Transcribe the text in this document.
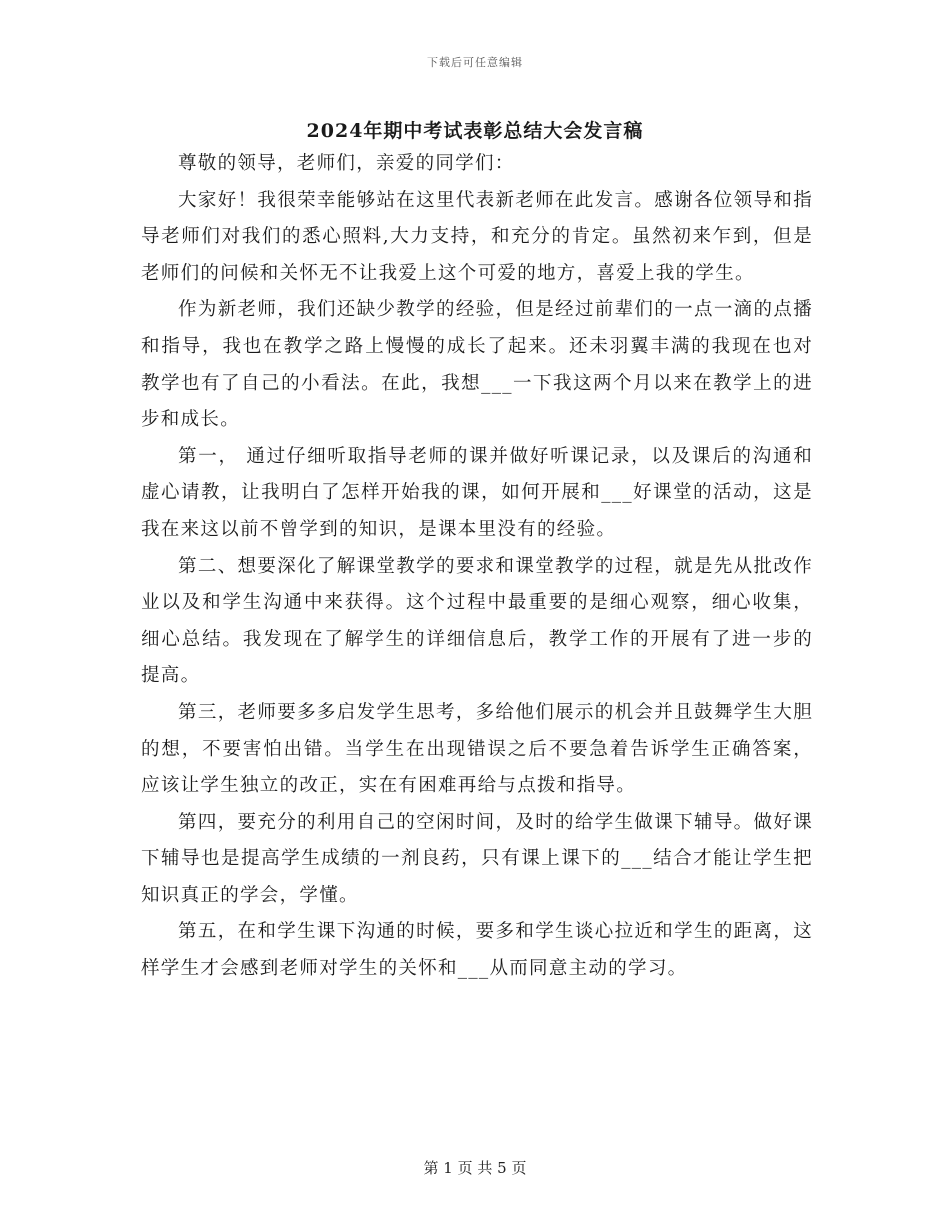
下载后可任意编辑
2024年期中考试表彰总结大会发言稿

尊敬的领导，老师们，亲爱的同学们：

大家好！我很荣幸能够站在这里代表新老师在此发言。感谢各位领导和指导老师们对我们的悉心照料,大力支持，和充分的肯定。虽然初来乍到，但是老师们的问候和关怀无不让我爱上这个可爱的地方，喜爱上我的学生。

作为新老师，我们还缺少教学的经验，但是经过前辈们的一点一滴的点播和指导，我也在教学之路上慢慢的成长了起来。还未羽翼丰满的我现在也对教学也有了自己的小看法。在此，我想___一下我这两个月以来在教学上的进步和成长。

第一， 通过仔细听取指导老师的课并做好听课记录，以及课后的沟通和虚心请教，让我明白了怎样开始我的课，如何开展和___好课堂的活动，这是我在来这以前不曾学到的知识，是课本里没有的经验。

第二、想要深化了解课堂教学的要求和课堂教学的过程，就是先从批改作业以及和学生沟通中来获得。这个过程中最重要的是细心观察，细心收集，细心总结。我发现在了解学生的详细信息后，教学工作的开展有了进一步的提高。

第三，老师要多多启发学生思考，多给他们展示的机会并且鼓舞学生大胆的想，不要害怕出错。当学生在出现错误之后不要急着告诉学生正确答案，应该让学生独立的改正，实在有困难再给与点拨和指导。

第四，要充分的利用自己的空闲时间，及时的给学生做课下辅导。做好课下辅导也是提高学生成绩的一剂良药，只有课上课下的___结合才能让学生把知识真正的学会，学懂。

第五，在和学生课下沟通的时候，要多和学生谈心拉近和学生的距离，这样学生才会感到老师对学生的关怀和___从而同意主动的学习。

第 1 页 共 5 页
